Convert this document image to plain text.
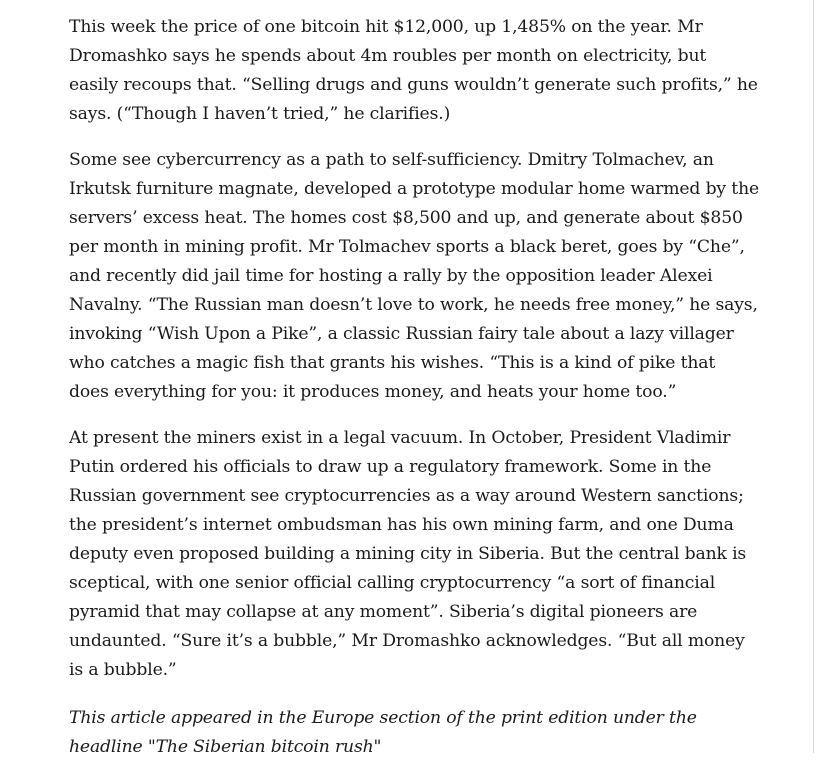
This week the price of one bitcoin hit $12,000, up 1,485% on the year. Mr Dromashko says he spends about 4m roubles per month on electricity, but easily recoups that. “Selling drugs and guns wouldn’t generate such profits,” he says. (“Though I haven’t tried,” he clarifies.)

Some see cybercurrency as a path to self-sufficiency. Dmitry Tolmachev, an Irkutsk furniture magnate, developed a prototype modular home warmed by the servers’ excess heat. The homes cost $8,500 and up, and generate about $850 per month in mining profit. Mr Tolmachev sports a black beret, goes by “Che”, and recently did jail time for hosting a rally by the opposition leader Alexei Navalny. “The Russian man doesn’t love to work, he needs free money,” he says, invoking “Wish Upon a Pike”, a classic Russian fairy tale about a lazy villager who catches a magic fish that grants his wishes. “This is a kind of pike that does everything for you: it produces money, and heats your home too.”

At present the miners exist in a legal vacuum. In October, President Vladimir Putin ordered his officials to draw up a regulatory framework. Some in the Russian government see cryptocurrencies as a way around Western sanctions; the president’s internet ombudsman has his own mining farm, and one Duma deputy even proposed building a mining city in Siberia. But the central bank is sceptical, with one senior official calling cryptocurrency “a sort of financial pyramid that may collapse at any moment”. Siberia’s digital pioneers are undaunted. “Sure it’s a bubble,” Mr Dromashko acknowledges. “But all money is a bubble.”

This article appeared in the Europe section of the print edition under the headline "The Siberian bitcoin rush"
